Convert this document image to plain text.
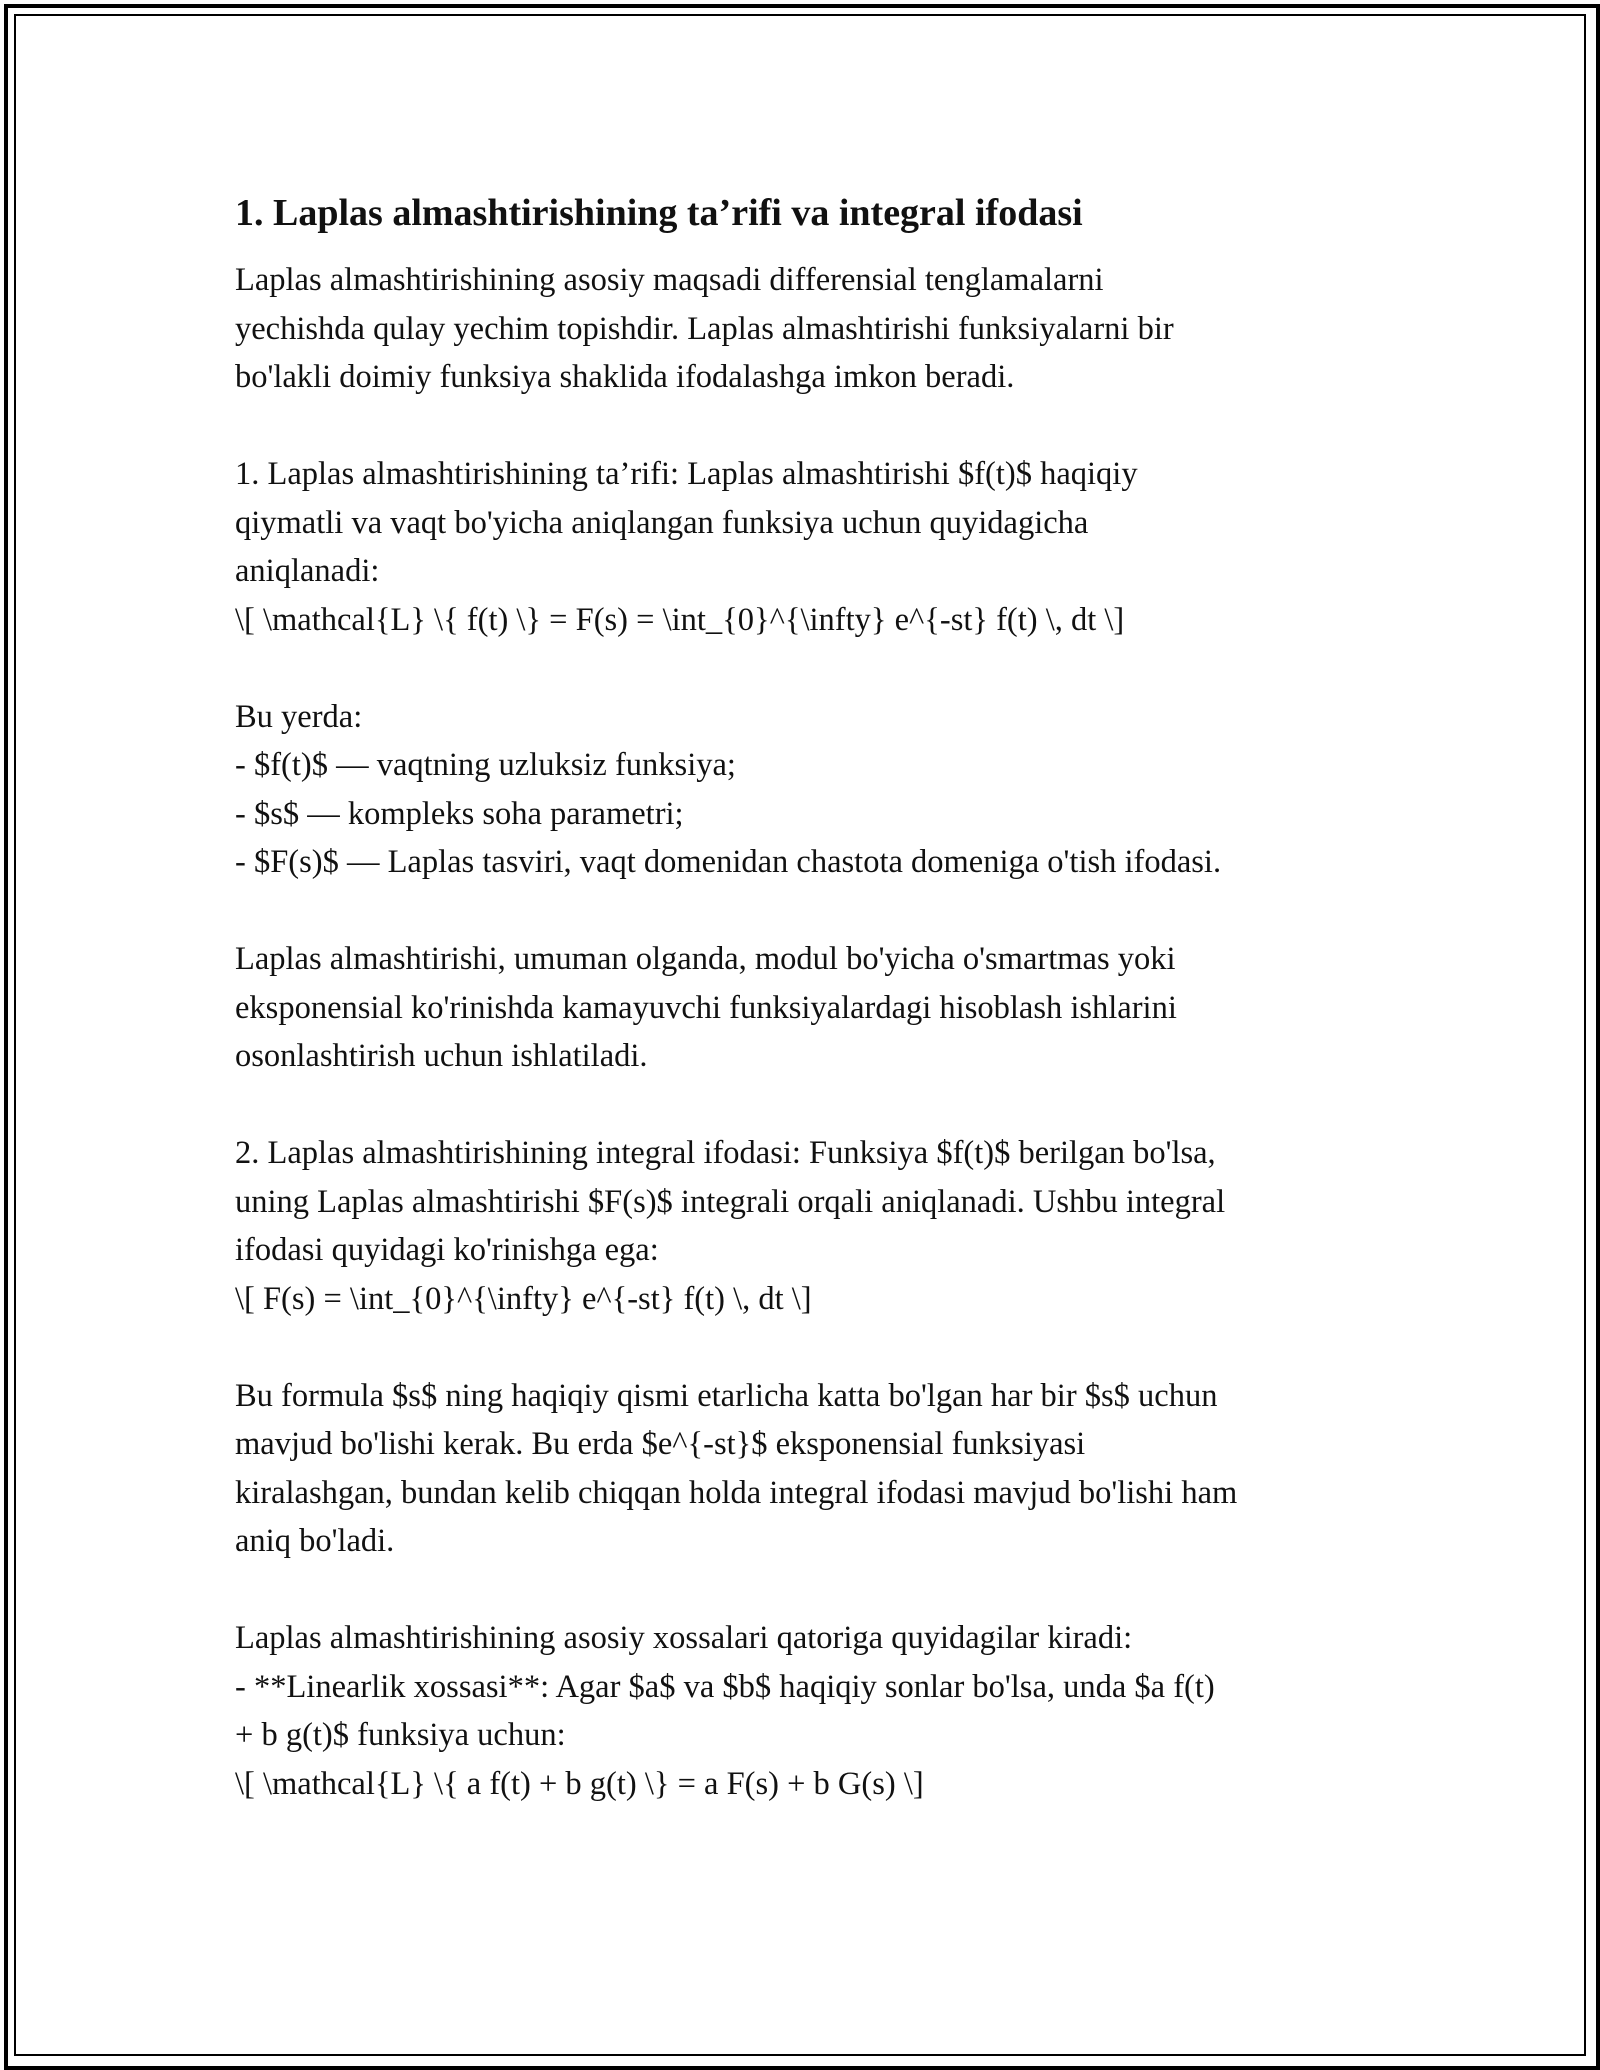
1. Laplas almashtirishining ta’rifi va integral ifodasi
Laplas almashtirishining asosiy maqsadi differensial tenglamalarni
yechishda qulay yechim topishdir. Laplas almashtirishi funksiyalarni bir
bo'lakli doimiy funksiya shaklida ifodalashga imkon beradi.
1. Laplas almashtirishining ta’rifi: Laplas almashtirishi $f(t)$ haqiqiy
qiymatli va vaqt bo'yicha aniqlangan funksiya uchun quyidagicha
aniqlanadi:
\[ \mathcal{L} \{ f(t) \} = F(s) = \int_{0}^{\infty} e^{-st} f(t) \, dt \]
Bu yerda:
- $f(t)$ — vaqtning uzluksiz funksiya;
- $s$ — kompleks soha parametri;
- $F(s)$ — Laplas tasviri, vaqt domenidan chastota domeniga o'tish ifodasi.
Laplas almashtirishi, umuman olganda, modul bo'yicha o'smartmas yoki
eksponensial ko'rinishda kamayuvchi funksiyalardagi hisoblash ishlarini
osonlashtirish uchun ishlatiladi.
2. Laplas almashtirishining integral ifodasi: Funksiya $f(t)$ berilgan bo'lsa,
uning Laplas almashtirishi $F(s)$ integrali orqali aniqlanadi. Ushbu integral
ifodasi quyidagi ko'rinishga ega:
\[ F(s) = \int_{0}^{\infty} e^{-st} f(t) \, dt \]
Bu formula $s$ ning haqiqiy qismi etarlicha katta bo'lgan har bir $s$ uchun
mavjud bo'lishi kerak. Bu erda $e^{-st}$ eksponensial funksiyasi
kiralashgan, bundan kelib chiqqan holda integral ifodasi mavjud bo'lishi ham
aniq bo'ladi.
Laplas almashtirishining asosiy xossalari qatoriga quyidagilar kiradi:
- **Linearlik xossasi**: Agar $a$ va $b$ haqiqiy sonlar bo'lsa, unda $a f(t)
+ b g(t)$ funksiya uchun:
\[ \mathcal{L} \{ a f(t) + b g(t) \} = a F(s) + b G(s) \]
